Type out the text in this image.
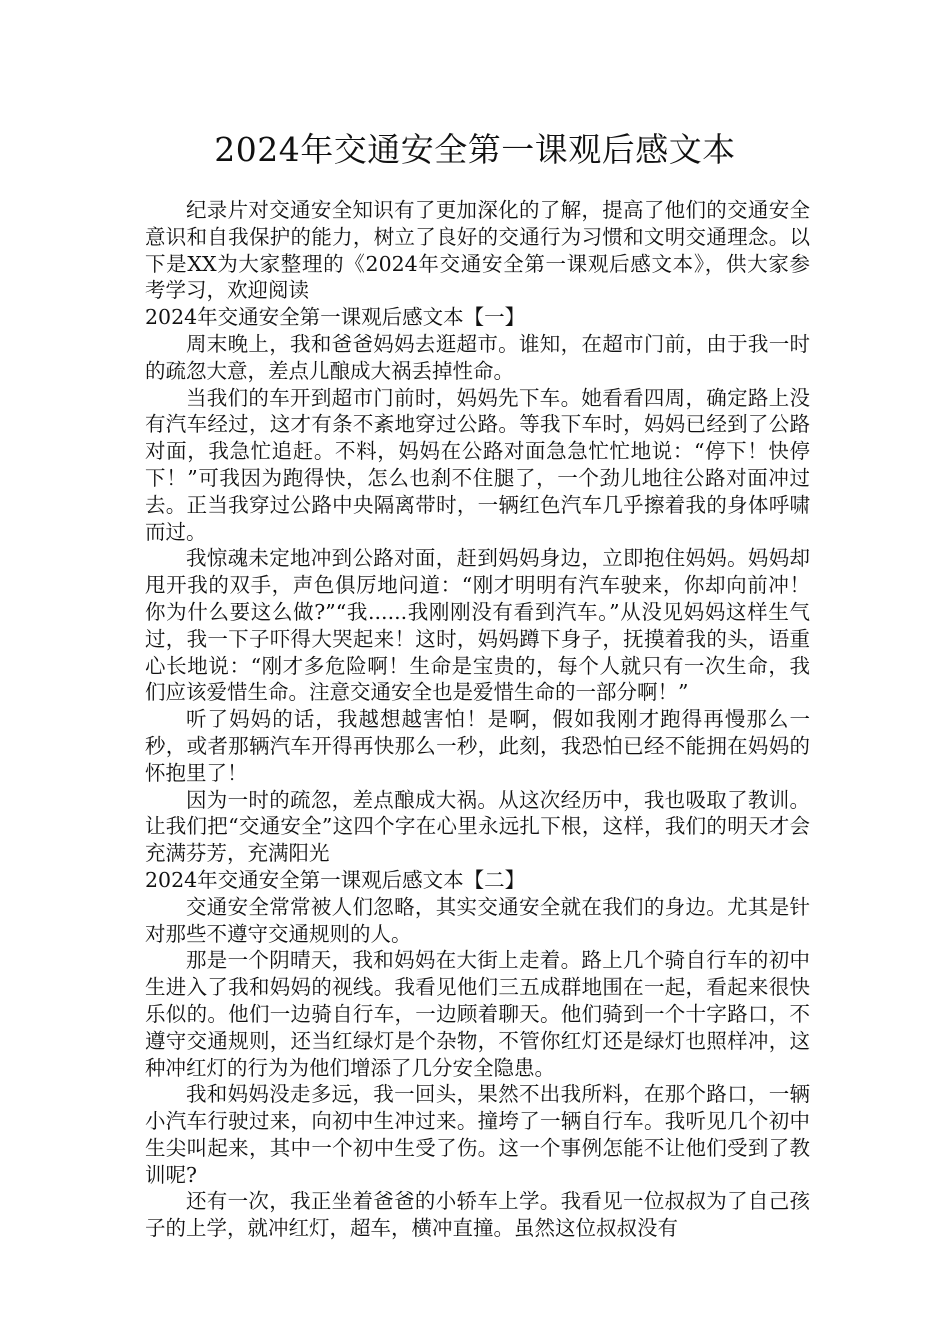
2024年交通安全第一课观后感文本

纪录片对交通安全知识有了更加深化的了解，提高了他们的交通安全意识和自我保护的能力，树立了良好的交通行为习惯和文明交通理念。以下是XX为大家整理的《2024年交通安全第一课观后感文本》，供大家参考学习，欢迎阅读

2024年交通安全第一课观后感文本【一】

周末晚上，我和爸爸妈妈去逛超市。谁知，在超市门前，由于我一时的疏忽大意，差点儿酿成大祸丢掉性命。

当我们的车开到超市门前时，妈妈先下车。她看看四周，确定路上没有汽车经过，这才有条不紊地穿过公路。等我下车时，妈妈已经到了公路对面，我急忙追赶。不料，妈妈在公路对面急急忙忙地说：“停下！快停下！”可我因为跑得快，怎么也刹不住腿了，一个劲儿地往公路对面冲过去。正当我穿过公路中央隔离带时，一辆红色汽车几乎擦着我的身体呼啸而过。

我惊魂未定地冲到公路对面，赶到妈妈身边，立即抱住妈妈。妈妈却甩开我的双手，声色俱厉地问道：“刚才明明有汽车驶来，你却向前冲！你为什么要这么做?”“我......我刚刚没有看到汽车。”从没见妈妈这样生气过，我一下子吓得大哭起来！这时，妈妈蹲下身子，抚摸着我的头，语重心长地说：“刚才多危险啊！生命是宝贵的，每个人就只有一次生命，我们应该爱惜生命。注意交通安全也是爱惜生命的一部分啊！”

听了妈妈的话，我越想越害怕！是啊，假如我刚才跑得再慢那么一秒，或者那辆汽车开得再快那么一秒，此刻，我恐怕已经不能拥在妈妈的怀抱里了！

因为一时的疏忽，差点酿成大祸。从这次经历中，我也吸取了教训。让我们把“交通安全”这四个字在心里永远扎下根，这样，我们的明天才会充满芬芳，充满阳光

2024年交通安全第一课观后感文本【二】

交通安全常常被人们忽略，其实交通安全就在我们的身边。尤其是针对那些不遵守交通规则的人。

那是一个阴晴天，我和妈妈在大街上走着。路上几个骑自行车的初中生进入了我和妈妈的视线。我看见他们三五成群地围在一起，看起来很快乐似的。他们一边骑自行车，一边顾着聊天。他们骑到一个十字路口，不遵守交通规则，还当红绿灯是个杂物，不管你红灯还是绿灯也照样冲，这种冲红灯的行为为他们增添了几分安全隐患。

我和妈妈没走多远，我一回头，果然不出我所料，在那个路口，一辆小汽车行驶过来，向初中生冲过来。撞垮了一辆自行车。我听见几个初中生尖叫起来，其中一个初中生受了伤。这一个事例怎能不让他们受到了教训呢?

还有一次，我正坐着爸爸的小轿车上学。我看见一位叔叔为了自己孩子的上学，就冲红灯，超车，横冲直撞。虽然这位叔叔没有
